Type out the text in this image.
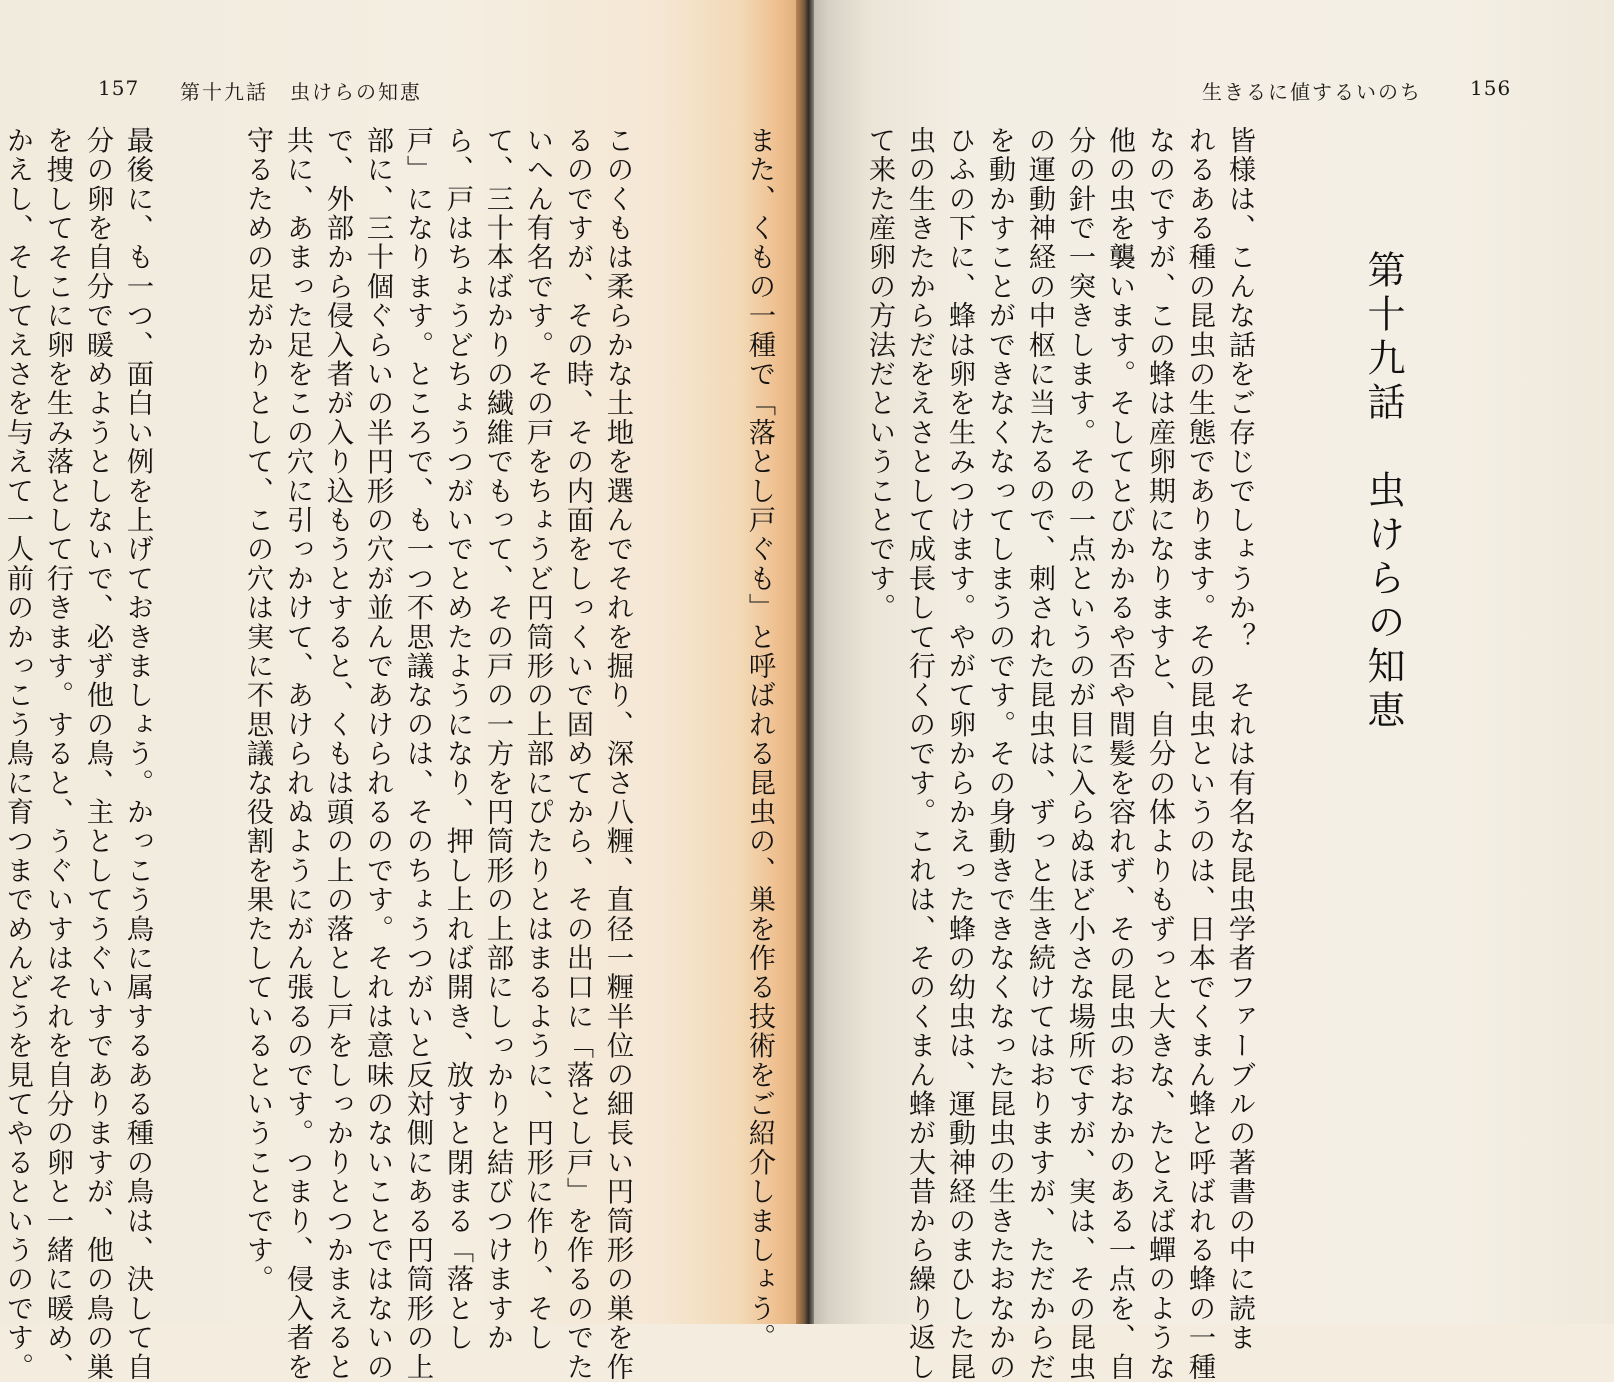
157 第十九話　虫けらの知恵

このくもは柔らかな土地を選んでそれを掘り、深さ八糎、直径一糎半位の細長い円筒形の巣を作
るのですが、その時、その内面をしっくいで固めてから、その出口に「落とし戸」を作るのでた
いへん有名です。その戸をちょうど円筒形の上部にぴたりとはまるように、円形に作り、そし
て、三十本ばかりの繊維でもって、その戸の一方を円筒形の上部にしっかりと結びつけますか
ら、戸はちょうどちょうつがいでとめたようになり、押し上れば開き、放すと閉まる「落とし
戸」になります。ところで、も一つ不思議なのは、そのちょうつがいと反対側にある円筒形の上
部に、三十個ぐらいの半円形の穴が並んであけられるのです。それは意味のないことではないの
で、外部から侵入者が入り込もうとすると、くもは頭の上の落とし戸をしっかりとつかまえると
共に、あまった足をこの穴に引っかけて、あけられぬようにがん張るのです。つまり、侵入者を
守るための足がかりとして、この穴は実に不思議な役割を果たしているということです。

最後に、も一つ、面白い例を上げておきましょう。かっこう鳥に属するある種の鳥は、決して自
分の卵を自分で暖めようとしないで、必ず他の鳥、主としてうぐいすでありますが、他の鳥の巣
を捜してそこに卵を生み落として行きます。すると、うぐいすはそれを自分の卵と一緒に暖め、
かえし、そしてえさを与えて一人前のかっこう鳥に育つまでめんどうを見てやるというのです。

生きるに値するいのち 156
第十九話　虫けらの知恵

皆様は、こんな話をご存じでしょうか？　それは有名な昆虫学者ファーブルの著書の中に読ま
れるある種の昆虫の生態であります。その昆虫というのは、日本でくまん蜂と呼ばれる蜂の一種
なのですが、この蜂は産卵期になりますと、自分の体よりもずっと大きな、たとえば蟬のような
他の虫を襲います。そしてとびかかるや否や間髪を容れず、その昆虫のおなかのある一点を、自
分の針で一突きします。その一点というのが目に入らぬほど小さな場所ですが、実は、その昆虫
の運動神経の中枢に当たるので、刺された昆虫は、ずっと生き続けてはおりますが、ただからだ
を動かすことができなくなってしまうのです。その身動きできなくなった昆虫の生きたおなかの
ひふの下に、蜂は卵を生みつけます。やがて卵からかえった蜂の幼虫は、運動神経のまひした昆
虫の生きたからだをえさとして成長して行くのです。これは、そのくまん蜂が大昔から繰り返し
て来た産卵の方法だということです。

また、くもの一種で「落とし戸ぐも」と呼ばれる昆虫の、巣を作る技術をご紹介しましょう。
